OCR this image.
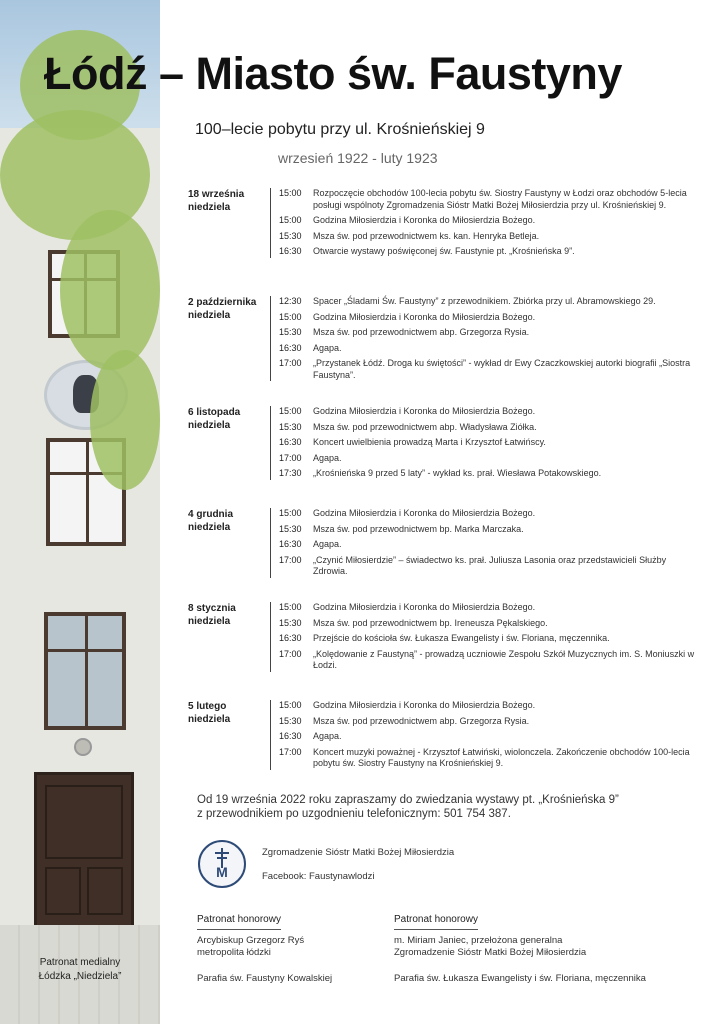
Patronat medialny
Łódzka „Niedziela”
Łódź – Miasto św. Faustyny
100–lecie pobytu przy ul. Krośnieńskiej 9
wrzesień 1922 - luty 1923
18 września
niedziela
15:00	Rozpoczęcie obchodów 100-lecia pobytu św. Siostry Faustyny w Łodzi oraz obchodów 5-lecia posługi wspólnoty Zgromadzenia Sióstr Matki Bożej Miłosierdzia przy ul. Krośnieńskiej 9.
15:00	Godzina Miłosierdzia i Koronka do Miłosierdzia Bożego.
15:30	Msza św. pod przewodnictwem ks. kan. Henryka Betleja.
16:30	Otwarcie wystawy poświęconej św. Faustynie pt. „Krośnieńska 9”.
2 października
niedziela
12:30	Spacer „Śladami Św. Faustyny” z przewodnikiem. Zbiórka przy ul. Abramowskiego 29.
15:00	Godzina Miłosierdzia i Koronka do Miłosierdzia Bożego.
15:30	Msza św. pod przewodnictwem abp. Grzegorza Rysia.
16:30	Agapa.
17:00	„Przystanek Łódź. Droga ku świętości” - wykład dr Ewy Czaczkowskiej autorki biografii „Siostra Faustyna”.
6 listopada
niedziela
15:00	Godzina Miłosierdzia i Koronka do Miłosierdzia Bożego.
15:30	Msza św. pod przewodnictwem abp. Władysława Ziółka.
16:30	Koncert uwielbienia prowadzą Marta i Krzysztof Łatwińscy.
17:00	Agapa.
17:30	„Krośnieńska 9 przed 5 laty” - wykład ks. prał. Wiesława Potakowskiego.
4 grudnia
niedziela
15:00	Godzina Miłosierdzia i Koronka do Miłosierdzia Bożego.
15:30	Msza św. pod przewodnictwem bp. Marka Marczaka.
16:30	Agapa.
17:00	„Czynić Miłosierdzie” – świadectwo ks. prał. Juliusza Lasonia oraz przedstawicieli Służby Zdrowia.
8 stycznia
niedziela
15:00	Godzina Miłosierdzia i Koronka do Miłosierdzia Bożego.
15:30	Msza św. pod przewodnictwem bp. Ireneusza Pękalskiego.
16:30	Przejście do kościoła św. Łukasza Ewangelisty i św. Floriana, męczennika.
17:00	„Kolędowanie z Faustyną” - prowadzą uczniowie Zespołu Szkół Muzycznych im. S. Moniuszki w Łodzi.
5 lutego
niedziela
15:00	Godzina Miłosierdzia i Koronka do Miłosierdzia Bożego.
15:30	Msza św. pod przewodnictwem abp. Grzegorza Rysia.
16:30	Agapa.
17:00	Koncert muzyki poważnej - Krzysztof Łatwiński, wiolonczela. Zakończenie obchodów 100-lecia pobytu św. Siostry Faustyny na Krośnieńskiej 9.
Od 19 września 2022 roku zapraszamy do zwiedzania wystawy pt. „Krośnieńska 9”
z przewodnikiem po uzgodnieniu telefonicznym: 501 754 387.
M
Zgromadzenie Sióstr Matki Bożej Miłosierdzia
Facebook: Faustynawlodzi
Patronat honorowy
Arcybiskup Grzegorz Ryś
metropolita łódzki
Parafia św. Faustyny Kowalskiej
Patronat honorowy
m. Miriam Janiec, przełożona generalna
Zgromadzenie Sióstr Matki Bożej Miłosierdzia
Parafia św. Łukasza Ewangelisty i św. Floriana, męczennika
